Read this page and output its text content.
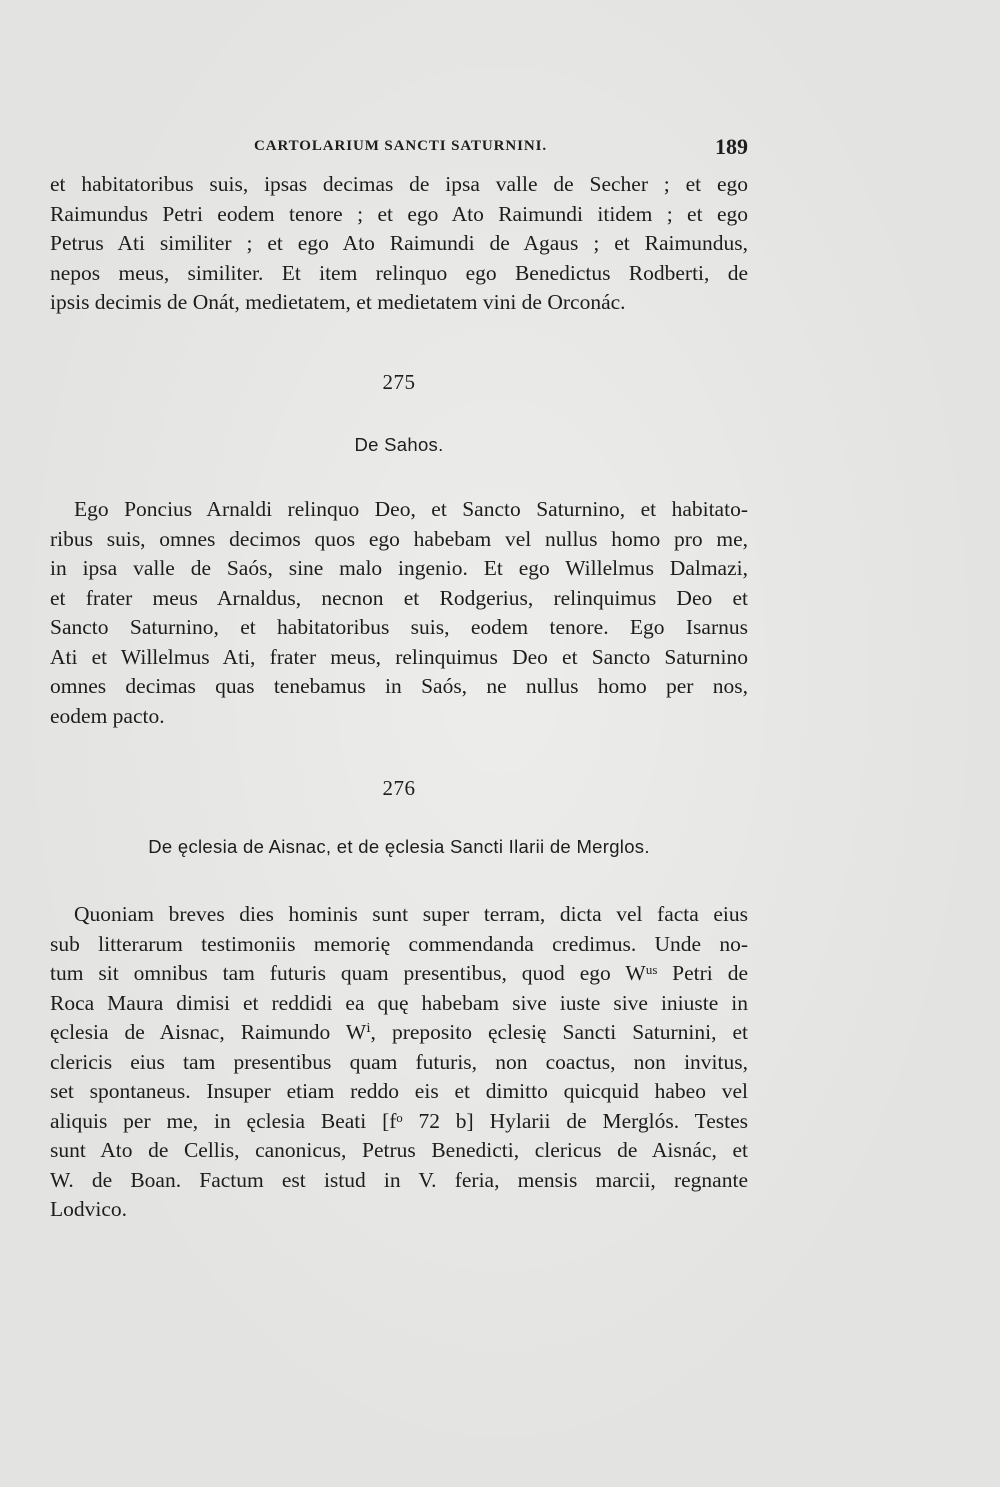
CARTOLARIUM SANCTI SATURNINI.	189
et habitatoribus suis, ipsas decimas de ipsa valle de Secher ; et ego
Raimundus Petri eodem tenore ; et ego Ato Raimundi itidem ; et ego
Petrus Ati similiter ; et ego Ato Raimundi de Agaus ; et Raimundus,
nepos meus, similiter. Et item relinquo ego Benedictus Rodberti, de
ipsis decimis de Onát, medietatem, et medietatem vini de Orconác.
275
De Sahos.
Ego Poncius Arnaldi relinquo Deo, et Sancto Saturnino, et habitato-
ribus suis, omnes decimos quos ego habebam vel nullus homo pro me,
in ipsa valle de Saós, sine malo ingenio. Et ego Willelmus Dalmazi,
et frater meus Arnaldus, necnon et Rodgerius, relinquimus Deo et
Sancto Saturnino, et habitatoribus suis, eodem tenore. Ego Isarnus
Ati et Willelmus Ati, frater meus, relinquimus Deo et Sancto Saturnino
omnes decimas quas tenebamus in Saós, ne nullus homo per nos,
eodem pacto.
276
De ęclesia de Aisnac, et de ęclesia Sancti Ilarii de Merglos.
Quoniam breves dies hominis sunt super terram, dicta vel facta eius
sub litterarum testimoniis memorię commendanda credimus. Unde no-
tum sit omnibus tam futuris quam presentibus, quod ego Wᵘˢ Petri de
Roca Maura dimisi et reddidi ea quę habebam sive iuste sive iniuste in
ęclesia de Aisnac, Raimundo Wⁱ, preposito ęclesię Sancti Saturnini, et
clericis eius tam presentibus quam futuris, non coactus, non invitus,
set spontaneus. Insuper etiam reddo eis et dimitto quicquid habeo vel
aliquis per me, in ęclesia Beati [fᵒ 72 b] Hylarii de Merglós. Testes
sunt Ato de Cellis, canonicus, Petrus Benedicti, clericus de Aisnác, et
W. de Boan. Factum est istud in V. feria, mensis marcii, regnante
Lodvico.
